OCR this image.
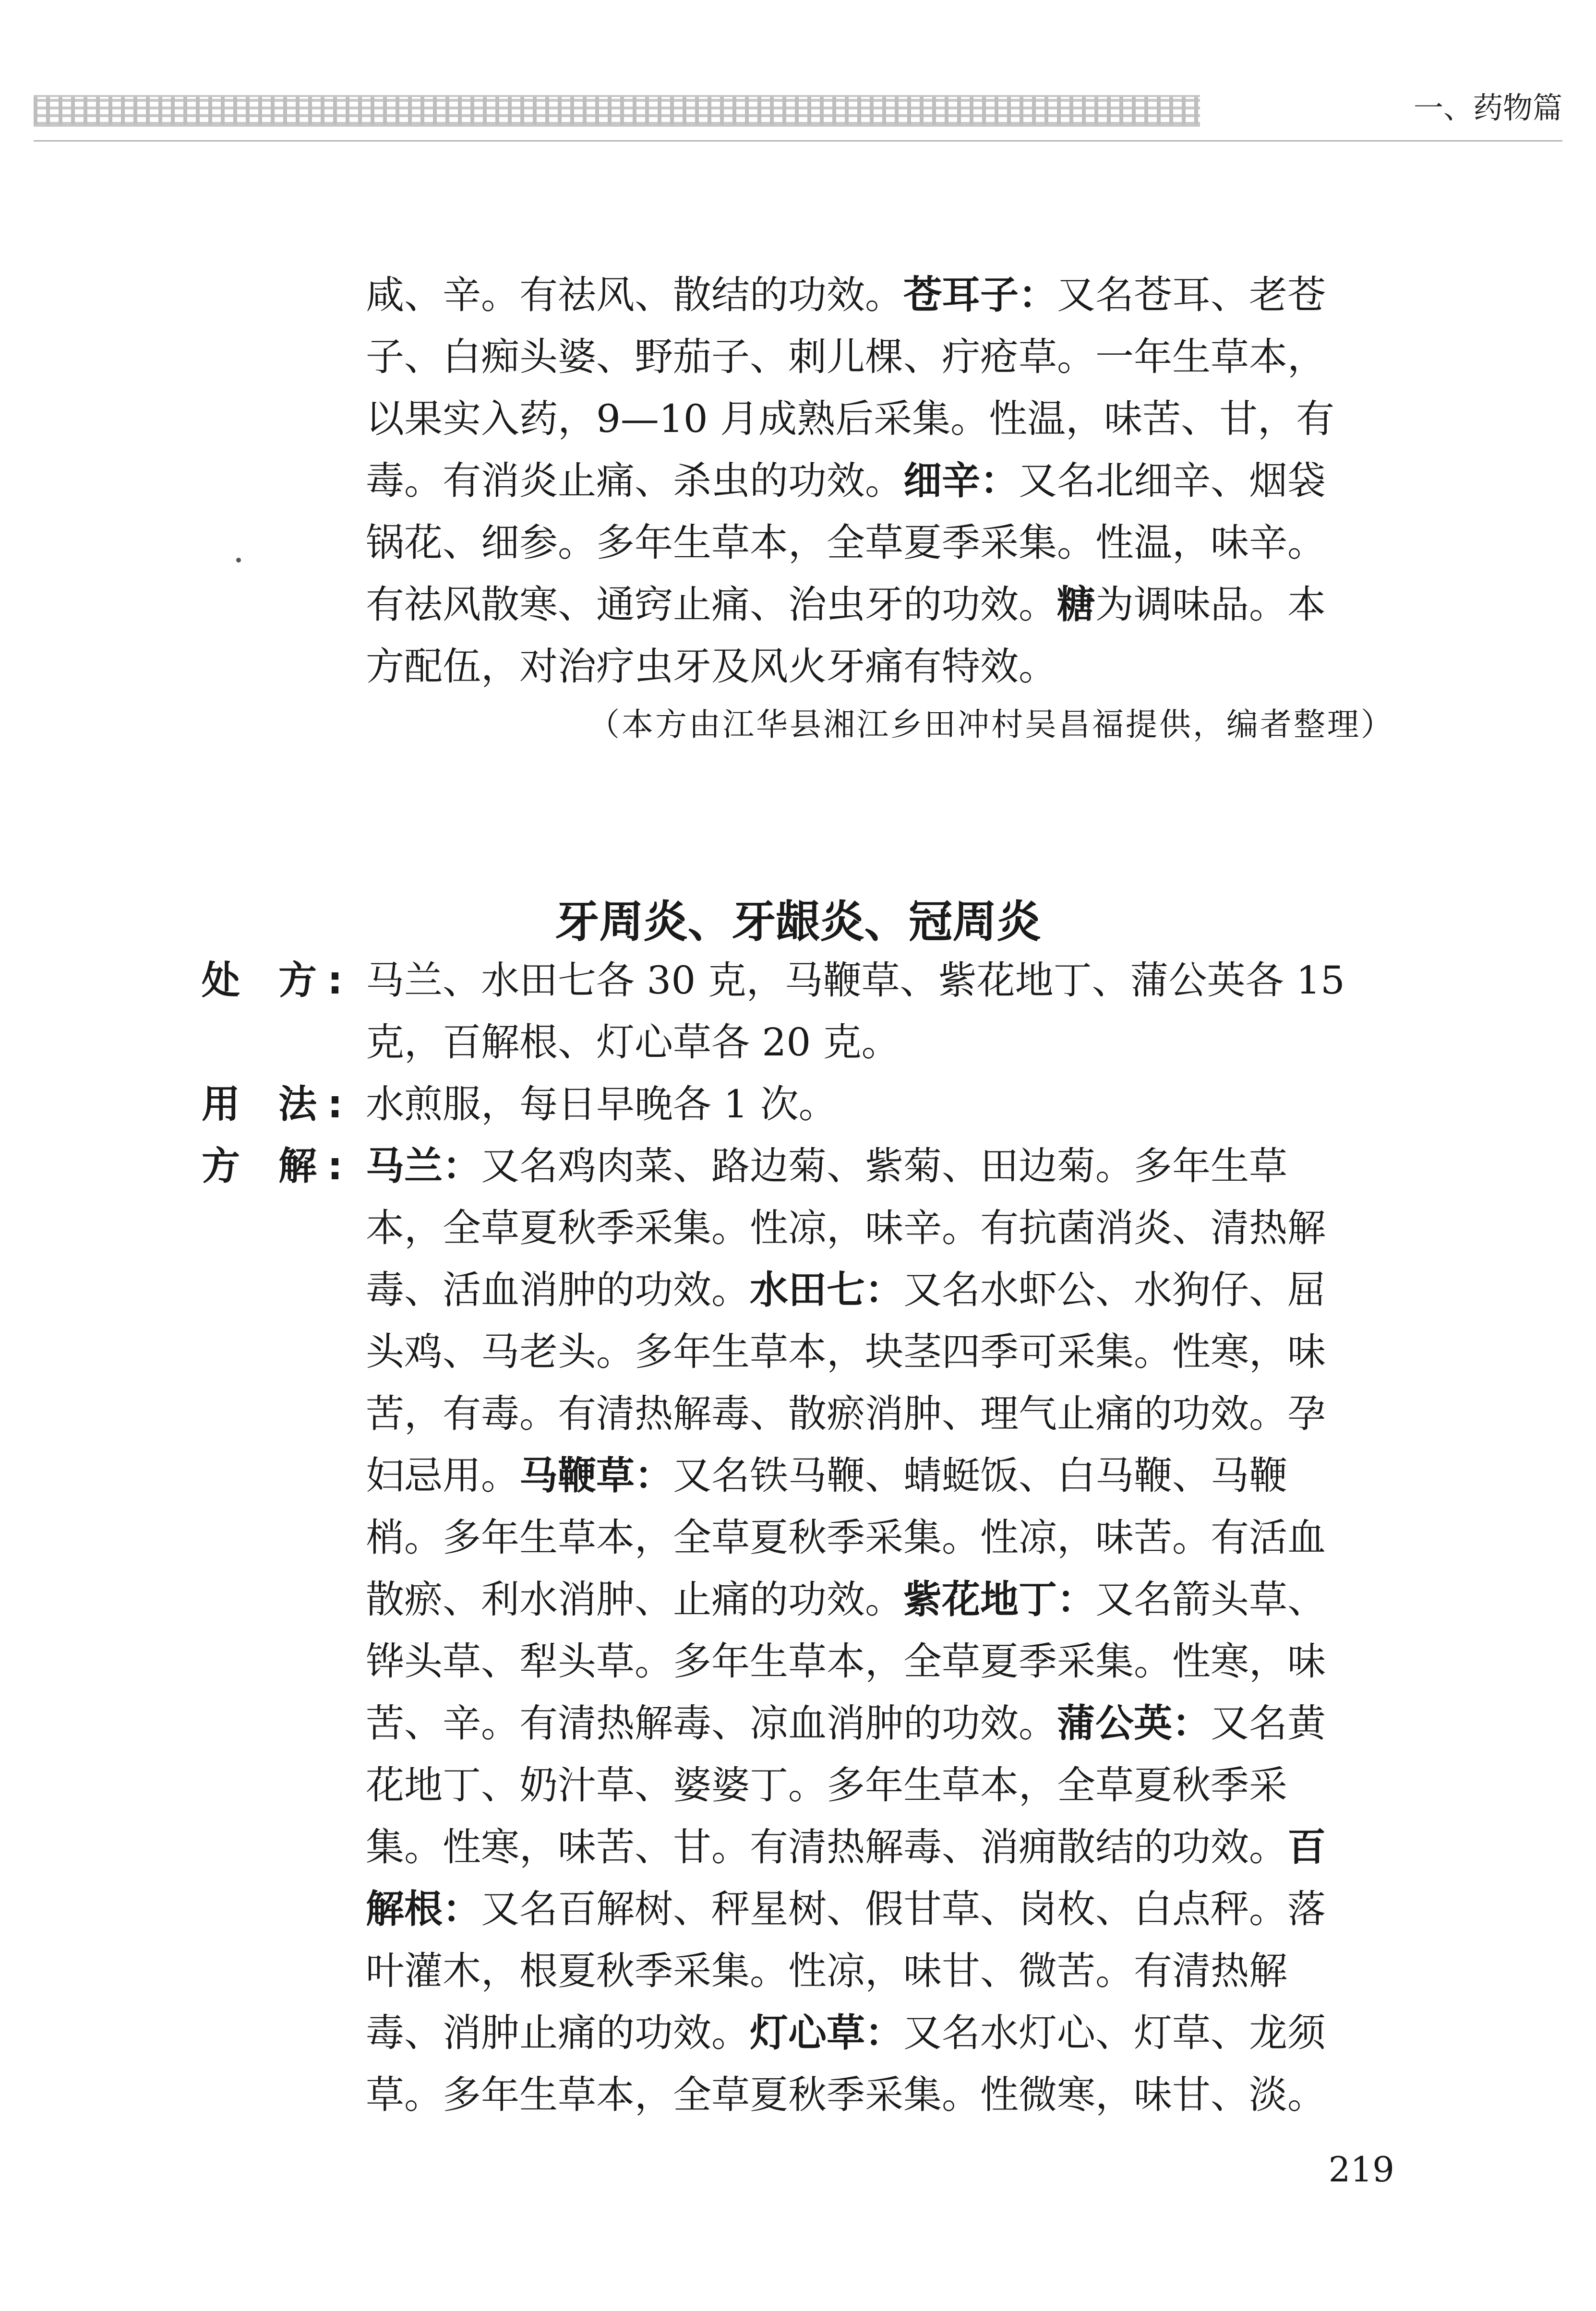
一、药物篇
咸、辛。有祛风、散结的功效。苍耳子：又名苍耳、老苍
子、白痴头婆、野茄子、刺儿棵、疔疮草。一年生草本，
以果实入药，9—10 月成熟后采集。性温，味苦、甘，有
毒。有消炎止痛、杀虫的功效。细辛：又名北细辛、烟袋
锅花、细参。多年生草本，全草夏季采集。性温，味辛。
有祛风散寒、通窍止痛、治虫牙的功效。糖为调味品。本
方配伍，对治疗虫牙及风火牙痛有特效。
（本方由江华县湘江乡田冲村吴昌福提供，编者整理）
牙周炎、牙龈炎、冠周炎
处 方 : 马兰、水田七各 30 克，马鞭草、紫花地丁、蒲公英各 15
克，百解根、灯心草各 20 克。
用 法 : 水煎服，每日早晚各 1 次。
方 解 : 马兰：又名鸡肉菜、路边菊、紫菊、田边菊。多年生草
本，全草夏秋季采集。性凉，味辛。有抗菌消炎、清热解
毒、活血消肿的功效。水田七：又名水虾公、水狗仔、屈
头鸡、马老头。多年生草本，块茎四季可采集。性寒，味
苦，有毒。有清热解毒、散瘀消肿、理气止痛的功效。孕
妇忌用。马鞭草：又名铁马鞭、蜻蜓饭、白马鞭、马鞭
梢。多年生草本，全草夏秋季采集。性凉，味苦。有活血
散瘀、利水消肿、止痛的功效。紫花地丁：又名箭头草、
铧头草、犁头草。多年生草本，全草夏季采集。性寒，味
苦、辛。有清热解毒、凉血消肿的功效。蒲公英：又名黄
花地丁、奶汁草、婆婆丁。多年生草本，全草夏秋季采
集。性寒，味苦、甘。有清热解毒、消痈散结的功效。百
解根：又名百解树、秤星树、假甘草、岗枚、白点秤。落
叶灌木，根夏秋季采集。性凉，味甘、微苦。有清热解
毒、消肿止痛的功效。灯心草：又名水灯心、灯草、龙须
草。多年生草本，全草夏秋季采集。性微寒，味甘、淡。
219
